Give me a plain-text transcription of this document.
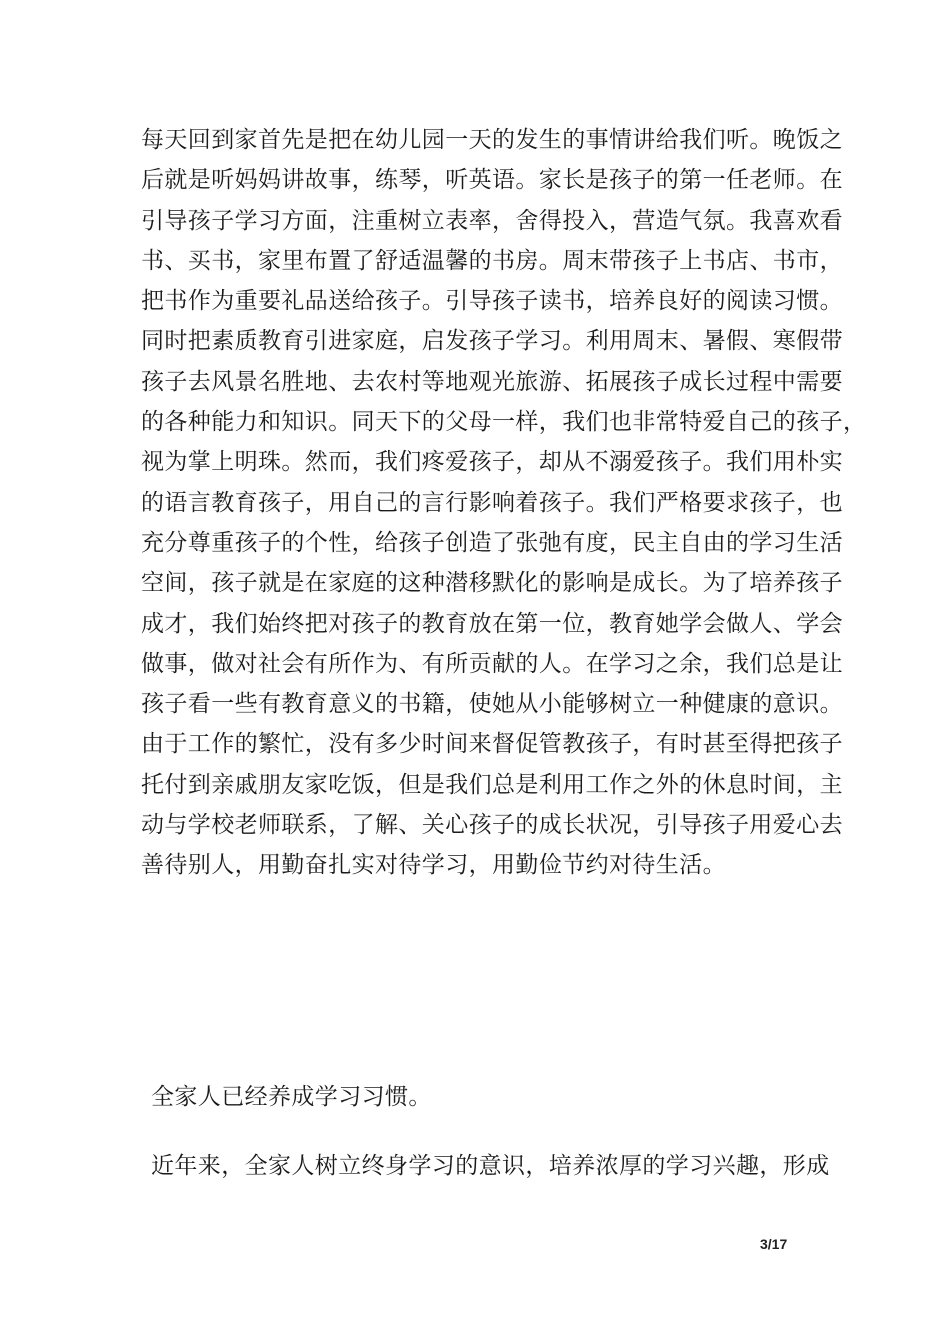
每天回到家首先是把在幼儿园一天的发生的事情讲给我们听。晚饭之
后就是听妈妈讲故事，练琴，听英语。家长是孩子的第一任老师。在
引导孩子学习方面，注重树立表率，舍得投入，营造气氛。我喜欢看
书、买书，家里布置了舒适温馨的书房。周末带孩子上书店、书市，
把书作为重要礼品送给孩子。引导孩子读书，培养良好的阅读习惯。
同时把素质教育引进家庭，启发孩子学习。利用周末、暑假、寒假带
孩子去风景名胜地、去农村等地观光旅游、拓展孩子成长过程中需要
的各种能力和知识。同天下的父母一样，我们也非常特爱自己的孩子，
视为掌上明珠。然而，我们疼爱孩子，却从不溺爱孩子。我们用朴实
的语言教育孩子，用自己的言行影响着孩子。我们严格要求孩子，也
充分尊重孩子的个性，给孩子创造了张弛有度，民主自由的学习生活
空间，孩子就是在家庭的这种潜移默化的影响是成长。为了培养孩子
成才，我们始终把对孩子的教育放在第一位，教育她学会做人、学会
做事，做对社会有所作为、有所贡献的人。在学习之余，我们总是让
孩子看一些有教育意义的书籍，使她从小能够树立一种健康的意识。
由于工作的繁忙，没有多少时间来督促管教孩子，有时甚至得把孩子
托付到亲戚朋友家吃饭，但是我们总是利用工作之外的休息时间，主
动与学校老师联系，了解、关心孩子的成长状况，引导孩子用爱心去
善待别人，用勤奋扎实对待学习，用勤俭节约对待生活。
全家人已经养成学习习惯。
近年来，全家人树立终身学习的意识，培养浓厚的学习兴趣，形成
3/17
